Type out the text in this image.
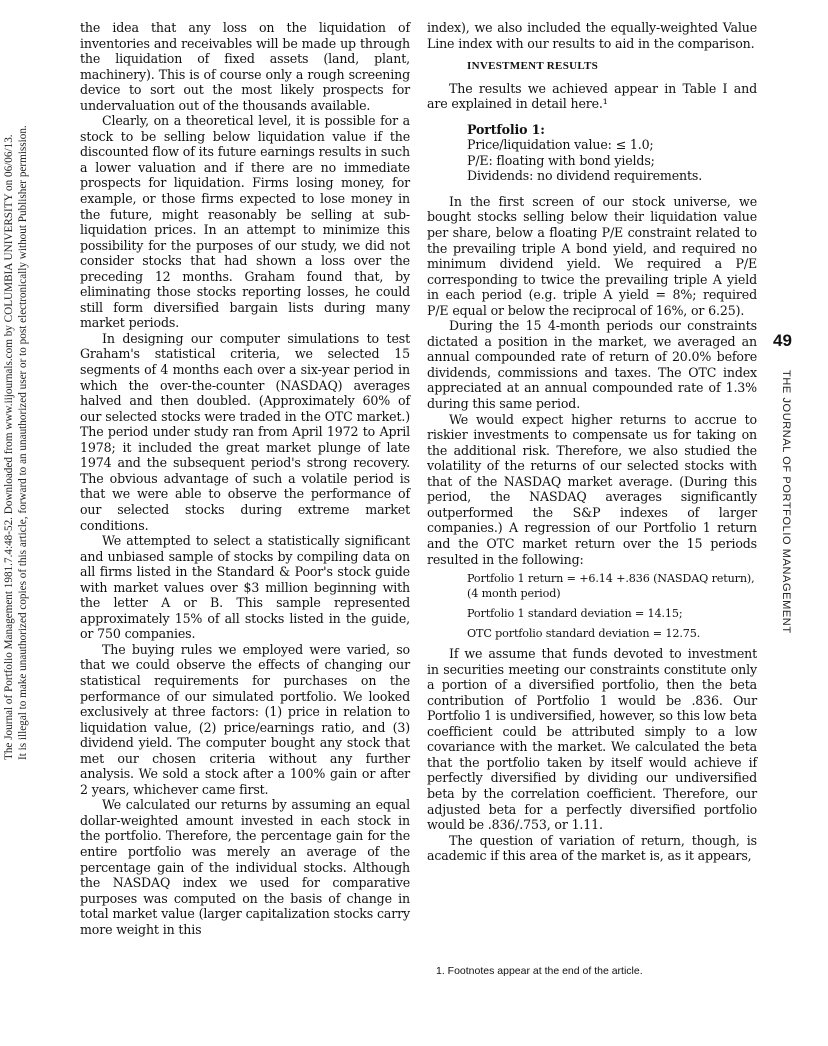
The Journal of Portfolio Management 1981.7.4:48-52. Downloaded from www.iijournals.com by COLUMBIA UNIVERSITY on 06/06/13. It is illegal to make unauthorized copies of this article, forward to an unauthorized user or to post electronically without Publisher permission.

the idea that any loss on the liquidation of inventories and receivables will be made up through the liquidation of fixed assets (land, plant, machinery). This is of course only a rough screening device to sort out the most likely prospects for undervaluation out of the thousands available.

Clearly, on a theoretical level, it is possible for a stock to be selling below liquidation value if the discounted flow of its future earnings results in such a lower valuation and if there are no immediate prospects for liquidation. Firms losing money, for example, or those firms expected to lose money in the future, might reasonably be selling at sub-liquidation prices. In an attempt to minimize this possibility for the purposes of our study, we did not consider stocks that had shown a loss over the preceding 12 months. Graham found that, by eliminating those stocks reporting losses, he could still form diversified bargain lists during many market periods.

In designing our computer simulations to test Graham's statistical criteria, we selected 15 segments of 4 months each over a six-year period in which the over-the-counter (NASDAQ) averages halved and then doubled. (Approximately 60% of our selected stocks were traded in the OTC market.) The period under study ran from April 1972 to April 1978; it included the great market plunge of late 1974 and the subsequent period's strong recovery. The obvious advantage of such a volatile period is that we were able to observe the performance of our selected stocks during extreme market conditions.

We attempted to select a statistically significant and unbiased sample of stocks by compiling data on all firms listed in the Standard & Poor's stock guide with market values over $3 million beginning with the letter A or B. This sample represented approximately 15% of all stocks listed in the guide, or 750 companies.

The buying rules we employed were varied, so that we could observe the effects of changing our statistical requirements for purchases on the performance of our simulated portfolio. We looked exclusively at three factors: (1) price in relation to liquidation value, (2) price/earnings ratio, and (3) dividend yield. The computer bought any stock that met our chosen criteria without any further analysis. We sold a stock after a 100% gain or after 2 years, whichever came first.

We calculated our returns by assuming an equal dollar-weighted amount invested in each stock in the portfolio. Therefore, the percentage gain for the entire portfolio was merely an average of the percentage gain of the individual stocks. Although the NASDAQ index we used for comparative purposes was computed on the basis of change in total market value (larger capitalization stocks carry more weight in this

index), we also included the equally-weighted Value Line index with our results to aid in the comparison.

INVESTMENT RESULTS

The results we achieved appear in Table I and are explained in detail here.¹

Portfolio 1:
Price/liquidation value: ≤ 1.0;
P/E: floating with bond yields;
Dividends: no dividend requirements.

In the first screen of our stock universe, we bought stocks selling below their liquidation value per share, below a floating P/E constraint related to the prevailing triple A bond yield, and required no minimum dividend yield. We required a P/E corresponding to twice the prevailing triple A yield in each period (e.g. triple A yield = 8%; required P/E equal or below the reciprocal of 16%, or 6.25).

During the 15 4-month periods our constraints dictated a position in the market, we averaged an annual compounded rate of return of 20.0% before dividends, commissions and taxes. The OTC index appreciated at an annual compounded rate of 1.3% during this same period.

We would expect higher returns to accrue to riskier investments to compensate us for taking on the additional risk. Therefore, we also studied the volatility of the returns of our selected stocks with that of the NASDAQ market average. (During this period, the NASDAQ averages significantly outperformed the S&P indexes of larger companies.) A regression of our Portfolio 1 return and the OTC market return over the 15 periods resulted in the following:

Portfolio 1 return = +6.14 +.836 (NASDAQ return),
(4 month period)
Portfolio 1 standard deviation = 14.15;
OTC portfolio standard deviation = 12.75.

If we assume that funds devoted to investment in securities meeting our constraints constitute only a portion of a diversified portfolio, then the beta contribution of Portfolio 1 would be .836. Our Portfolio 1 is undiversified, however, so this low beta coefficient could be attributed simply to a low covariance with the market. We calculated the beta that the portfolio taken by itself would achieve if perfectly diversified by dividing our undiversified beta by the correlation coefficient. Therefore, our adjusted beta for a perfectly diversified portfolio would be .836/.753, or 1.11.

The question of variation of return, though, is academic if this area of the market is, as it appears,

1. Footnotes appear at the end of the article.
49
THE JOURNAL OF PORTFOLIO MANAGEMENT
